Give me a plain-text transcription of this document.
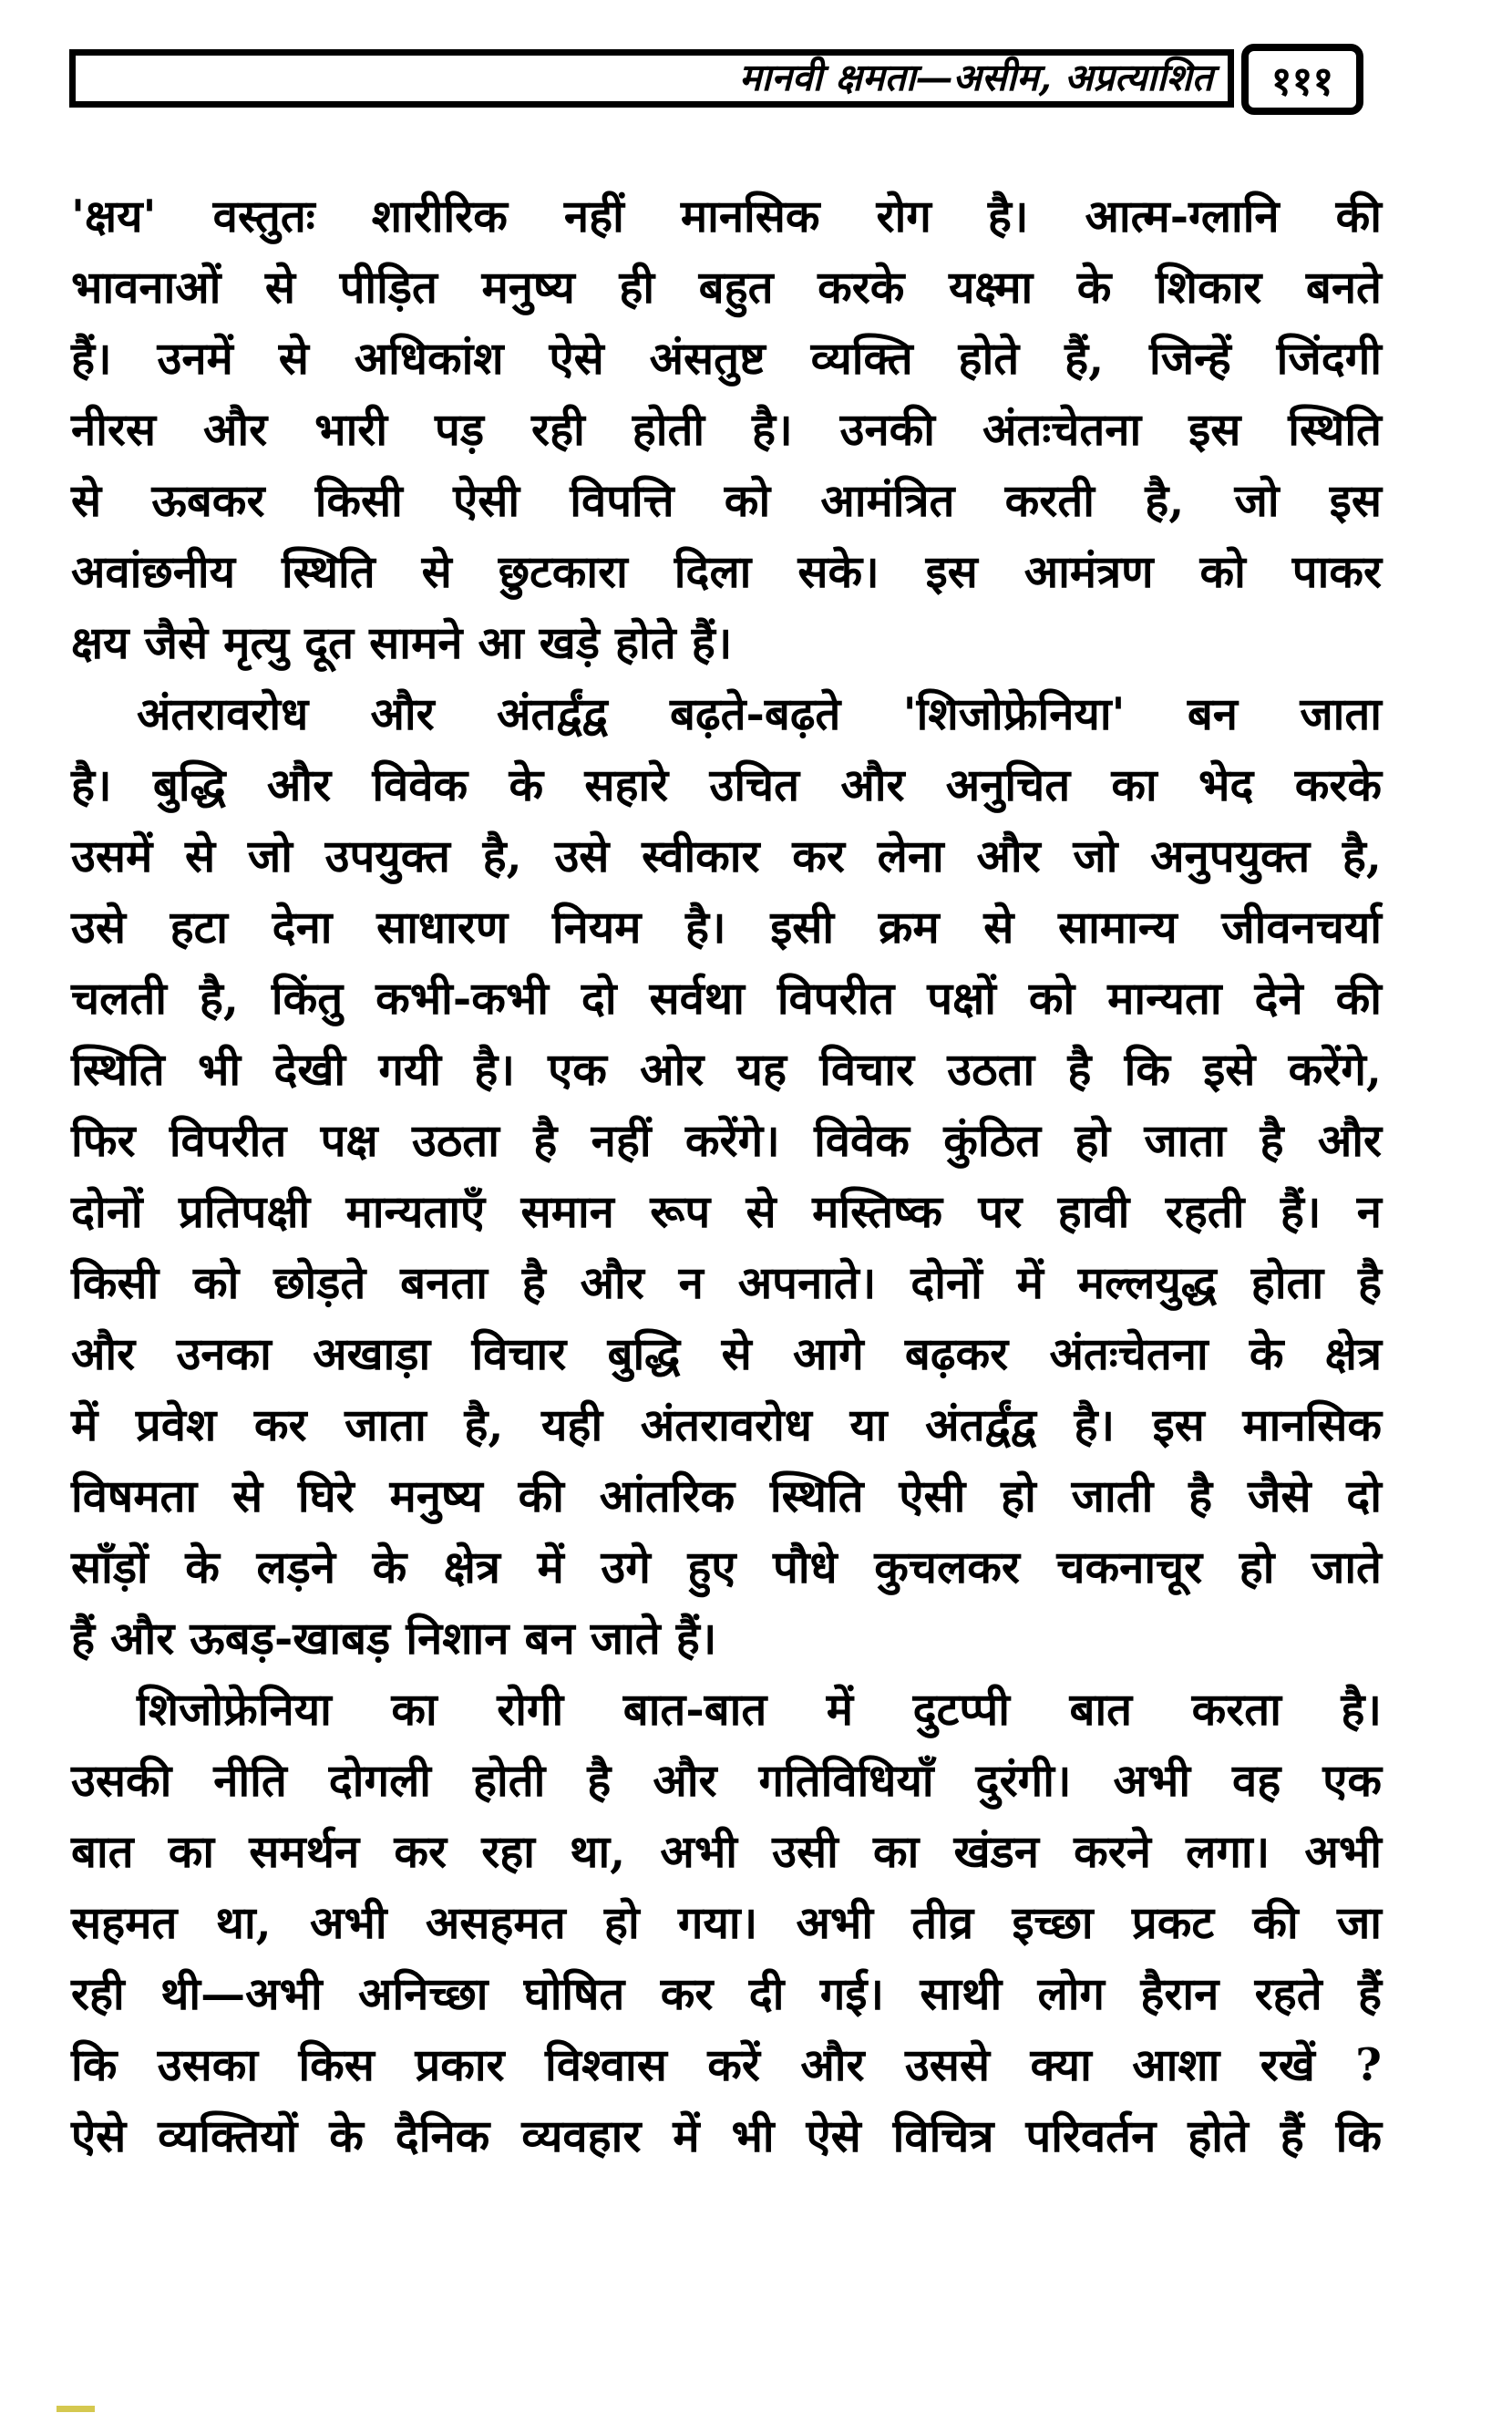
मानवी क्षमता—असीम, अप्रत्याशित १११
'क्षय' वस्तुतः शारीरिक नहीं मानसिक रोग है। आत्म-ग्लानि की
भावनाओं से पीड़ित मनुष्य ही बहुत करके यक्ष्मा के शिकार बनते
हैं। उनमें से अधिकांश ऐसे अंसतुष्ट व्यक्ति होते हैं, जिन्हें जिंदगी
नीरस और भारी पड़ रही होती है। उनकी अंतःचेतना इस स्थिति
से ऊबकर किसी ऐसी विपत्ति को आमंत्रित करती है, जो इस
अवांछनीय स्थिति से छुटकारा दिला सके। इस आमंत्रण को पाकर
क्षय जैसे मृत्यु दूत सामने आ खड़े होते हैं।
अंतरावरोध और अंतर्द्वंद्व बढ़ते-बढ़ते 'शिजोफ्रेनिया' बन जाता
है। बुद्धि और विवेक के सहारे उचित और अनुचित का भेद करके
उसमें से जो उपयुक्त है, उसे स्वीकार कर लेना और जो अनुपयुक्त है,
उसे हटा देना साधारण नियम है। इसी क्रम से सामान्य जीवनचर्या
चलती है, किंतु कभी-कभी दो सर्वथा विपरीत पक्षों को मान्यता देने की
स्थिति भी देखी गयी है। एक ओर यह विचार उठता है कि इसे करेंगे,
फिर विपरीत पक्ष उठता है नहीं करेंगे। विवेक कुंठित हो जाता है और
दोनों प्रतिपक्षी मान्यताएँ समान रूप से मस्तिष्क पर हावी रहती हैं। न
किसी को छोड़ते बनता है और न अपनाते। दोनों में मल्लयुद्ध होता है
और उनका अखाड़ा विचार बुद्धि से आगे बढ़कर अंतःचेतना के क्षेत्र
में प्रवेश कर जाता है, यही अंतरावरोध या अंतर्द्वंद्व है। इस मानसिक
विषमता से घिरे मनुष्य की आंतरिक स्थिति ऐसी हो जाती है जैसे दो
साँड़ों के लड़ने के क्षेत्र में उगे हुए पौधे कुचलकर चकनाचूर हो जाते
हैं और ऊबड़-खाबड़ निशान बन जाते हैं।
शिजोफ्रेनिया का रोगी बात-बात में दुटप्पी बात करता है।
उसकी नीति दोगली होती है और गतिविधियाँ दुरंगी। अभी वह एक
बात का समर्थन कर रहा था, अभी उसी का खंडन करने लगा। अभी
सहमत था, अभी असहमत हो गया। अभी तीव्र इच्छा प्रकट की जा
रही थी—अभी अनिच्छा घोषित कर दी गई। साथी लोग हैरान रहते हैं
कि उसका किस प्रकार विश्वास करें और उससे क्या आशा रखें ?
ऐसे व्यक्तियों के दैनिक व्यवहार में भी ऐसे विचित्र परिवर्तन होते हैं कि
